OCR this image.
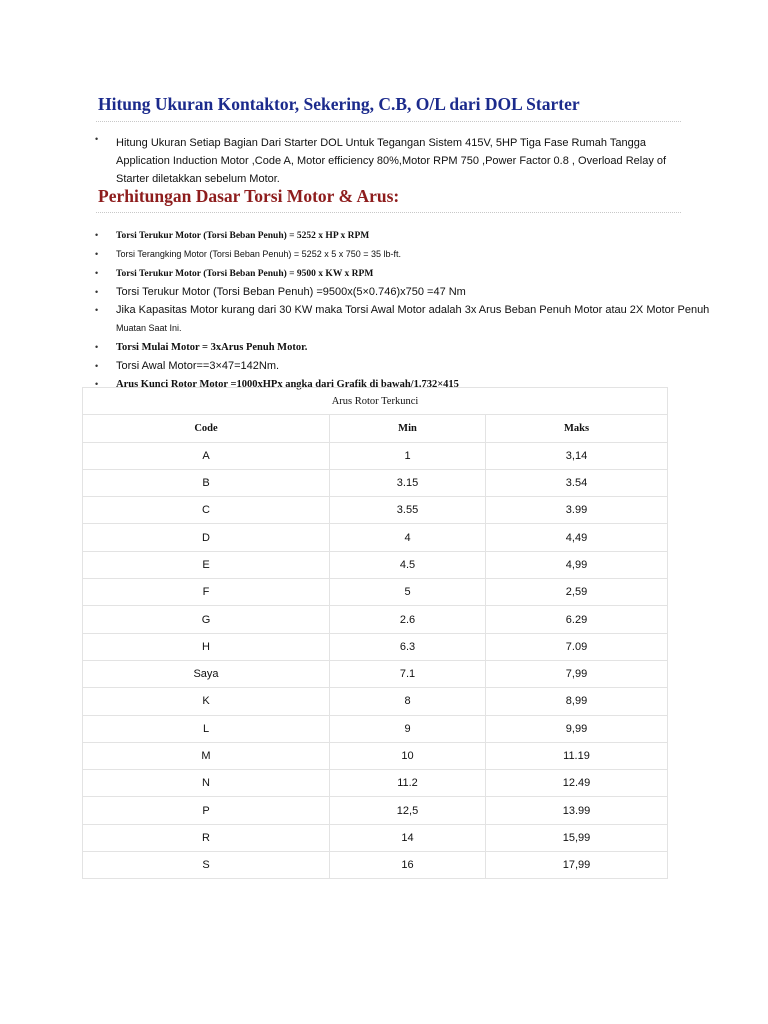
Hitung Ukuran Kontaktor, Sekering, C.B, O/L dari DOL Starter
•	Hitung Ukuran Setiap Bagian Dari Starter DOL Untuk Tegangan Sistem 415V, 5HP Tiga Fase Rumah Tangga
Application Induction Motor ,Code A, Motor efficiency 80%,Motor RPM 750 ,Power Factor 0.8 , Overload Relay of
Starter diletakkan sebelum Motor.
Perhitungan Dasar Torsi Motor & Arus:
• Torsi Terukur Motor (Torsi Beban Penuh) = 5252 x HP x RPM
• Torsi Terangking Motor (Torsi Beban Penuh) = 5252 x 5 x 750 = 35 lb-ft.
• Torsi Terukur Motor (Torsi Beban Penuh) = 9500 x KW x RPM
• Torsi Terukur Motor (Torsi Beban Penuh) =9500x(5×0.746)x750 =47 Nm
• Jika Kapasitas Motor kurang dari 30 KW maka Torsi Awal Motor adalah 3x Arus Beban Penuh Motor atau 2X Motor Penuh
Muatan Saat Ini.
• Torsi Mulai Motor = 3xArus Penuh Motor.
• Torsi Awal Motor==3×47=142Nm.
• Arus Kunci Rotor Motor =1000xHPx angka dari Grafik di bawah/1.732×415
Arus Rotor Terkunci		
Code	Min	Maks
A	1	3,14
B	3.15	3.54
C	3.55	3.99
D	4	4,49
E	4.5	4,99
F	5	2,59
G	2.6	6.29
H	6.3	7.09
Saya	7.1	7,99
K	8	8,99
L	9	9,99
M	10	11.19
N	11.2	12.49
P	12,5	13.99
R	14	15,99
S	16	17,99
